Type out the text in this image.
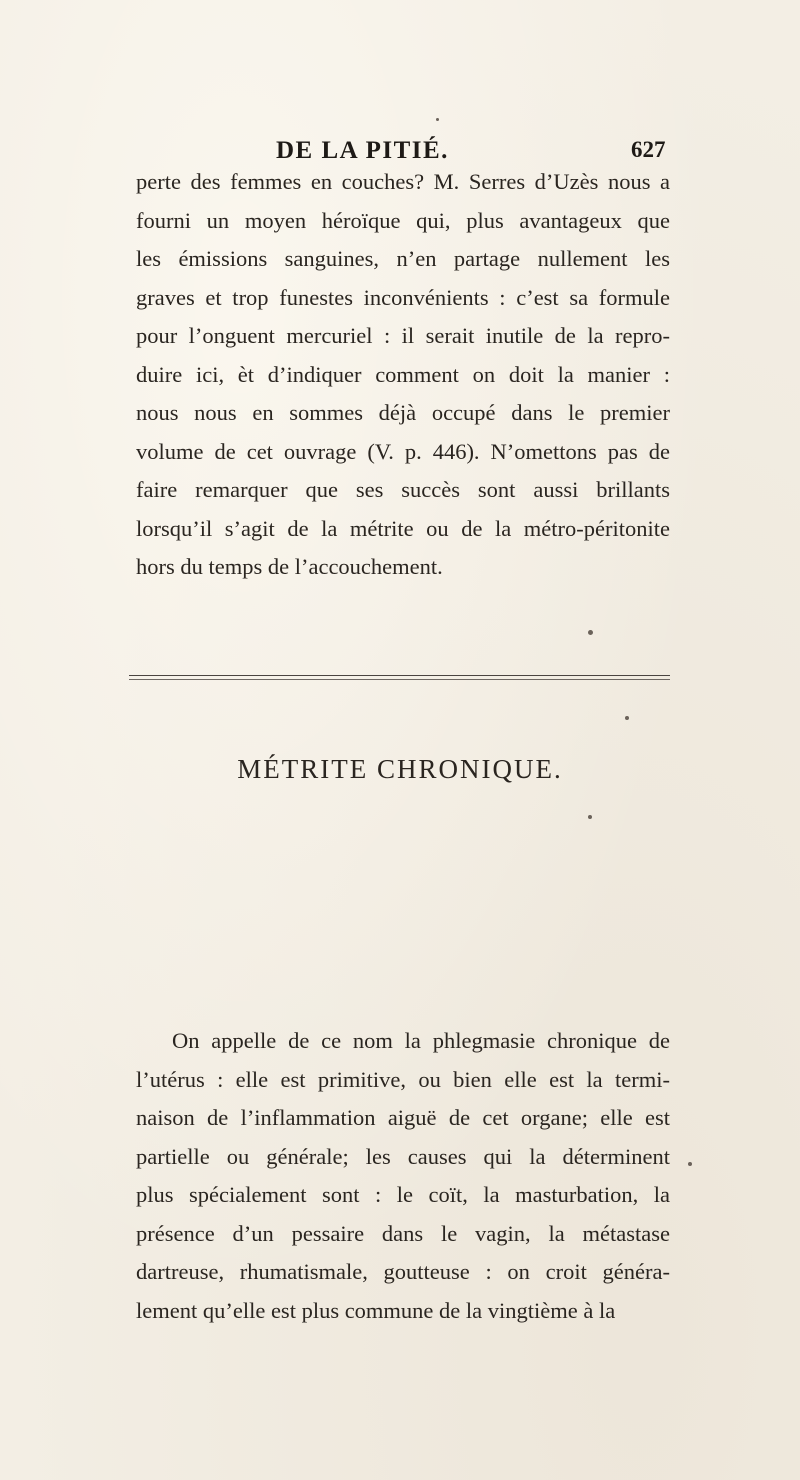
DE LA PITIÉ.	627
perte des femmes en couches? M. Serres d’Uzès nous a
fourni un moyen héroïque qui, plus avantageux que
les émissions sanguines, n’en partage nullement les
graves et trop funestes inconvénients : c’est sa formule
pour l’onguent mercuriel : il serait inutile de la repro-
duire ici, èt d’indiquer comment on doit la manier :
nous nous en sommes déjà occupé dans le premier
volume de cet ouvrage (V. p. 446). N’omettons pas de
faire remarquer que ses succès sont aussi brillants
lorsqu’il s’agit de la métrite ou de la métro-péritonite
hors du temps de l’accouchement.
MÉTRITE CHRONIQUE.
On appelle de ce nom la phlegmasie chronique de
l’utérus : elle est primitive, ou bien elle est la termi-
naison de l’inflammation aiguë de cet organe; elle est
partielle ou générale; les causes qui la déterminent
plus spécialement sont : le coït, la masturbation, la
présence d’un pessaire dans le vagin, la métastase
dartreuse, rhumatismale, goutteuse : on croit généra-
lement qu’elle est plus commune de la vingtième à la
